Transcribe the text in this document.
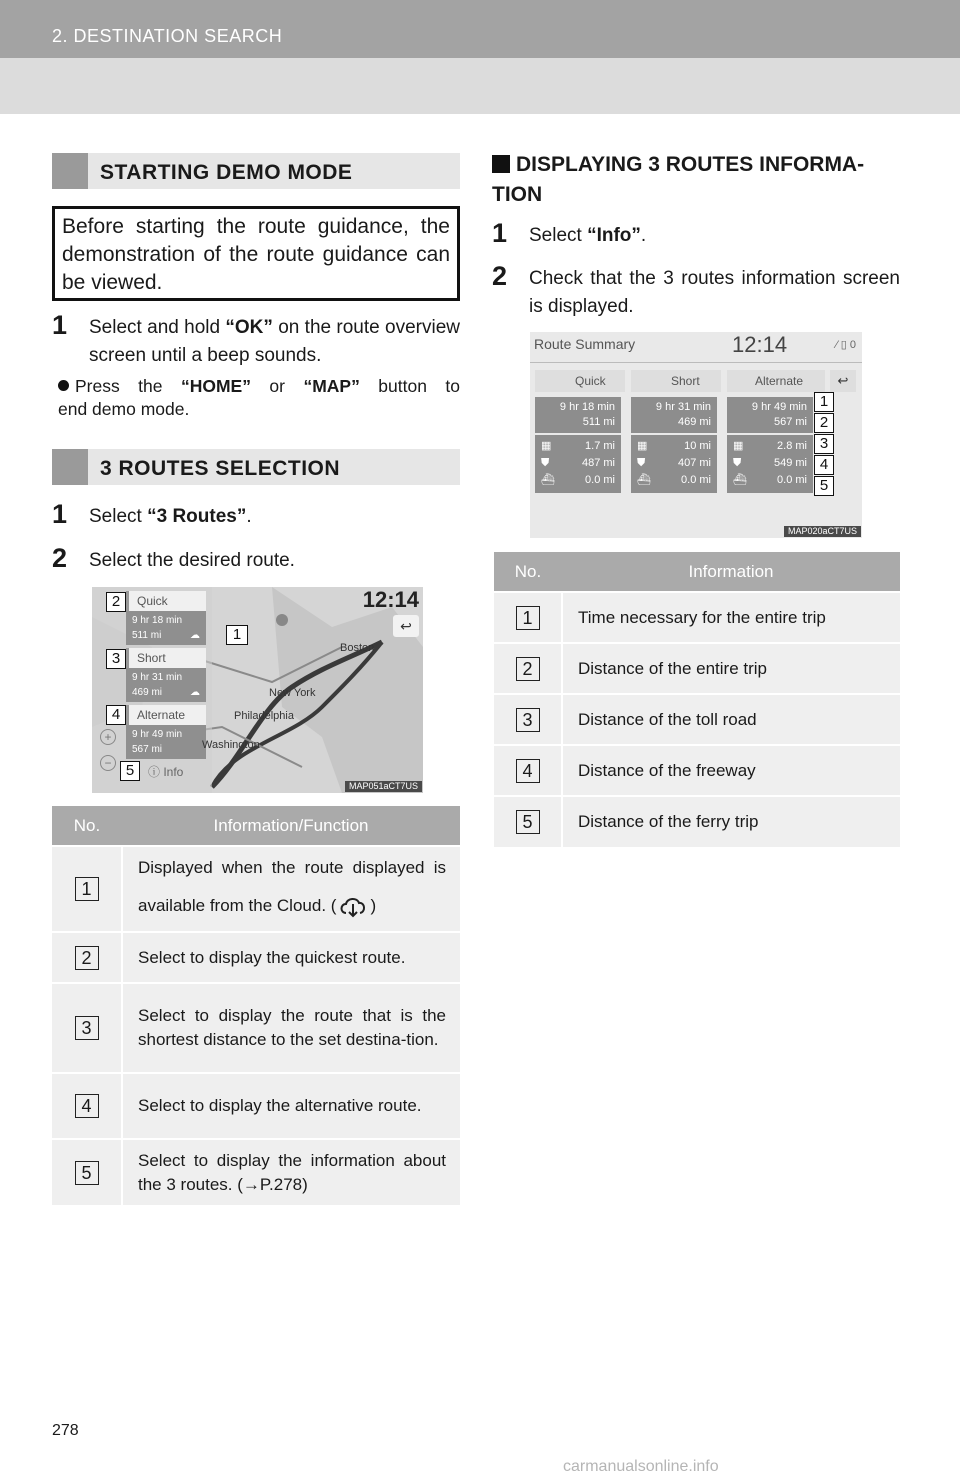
2. DESTINATION SEARCH
STARTING DEMO MODE
Before starting the route guidance, the demonstration of the route guidance can be viewed.
1	Select and hold “OK” on the route overview screen until a beep sounds.
Press the “HOME” or “MAP” button to
end demo mode.
3 ROUTES SELECTION
1	Select “3 Routes”.
2	Select the desired route.
12:14
↩
Quick
9 hr 18 min
511 mi	☁
Short
9 hr 31 min
469 mi	☁
Alternate
9 hr 49 min
567 mi
+
−
ⓘ Info
Boston
New York
Philadelphia
Washington
1
2
3
4
5
MAP051aCT7US
No.	Information/Function
1	Displayed when the route displayed is available from the Cloud. ( )
2	Select to display the quickest route.
3	Select to display the route that is the shortest distance to the set destina-tion.
4	Select to display the alternative route.
5	Select to display the information about the 3 routes. (→P.278)
DISPLAYING 3 ROUTES INFORMA-TION
1	Select “Info”.
2	Check that the 3 routes information screen is displayed.
Route Summary	12:14	⁄ ▯ 0
Quick	Short	Alternate	↩
9 hr 18 min
511 mi
▦	1.7 mi
⛊	487 mi
⛴	0.0 mi
9 hr 31 min
469 mi
▦	10 mi
⛊	407 mi
⛴	0.0 mi
9 hr 49 min
567 mi
▦	2.8 mi
⛊	549 mi
⛴	0.0 mi
1
2
3
4
5
MAP020aCT7US
No.	Information
1	Time necessary for the entire trip
2	Distance of the entire trip
3	Distance of the toll road
4	Distance of the freeway
5	Distance of the ferry trip
278
carmanualsonline.info
